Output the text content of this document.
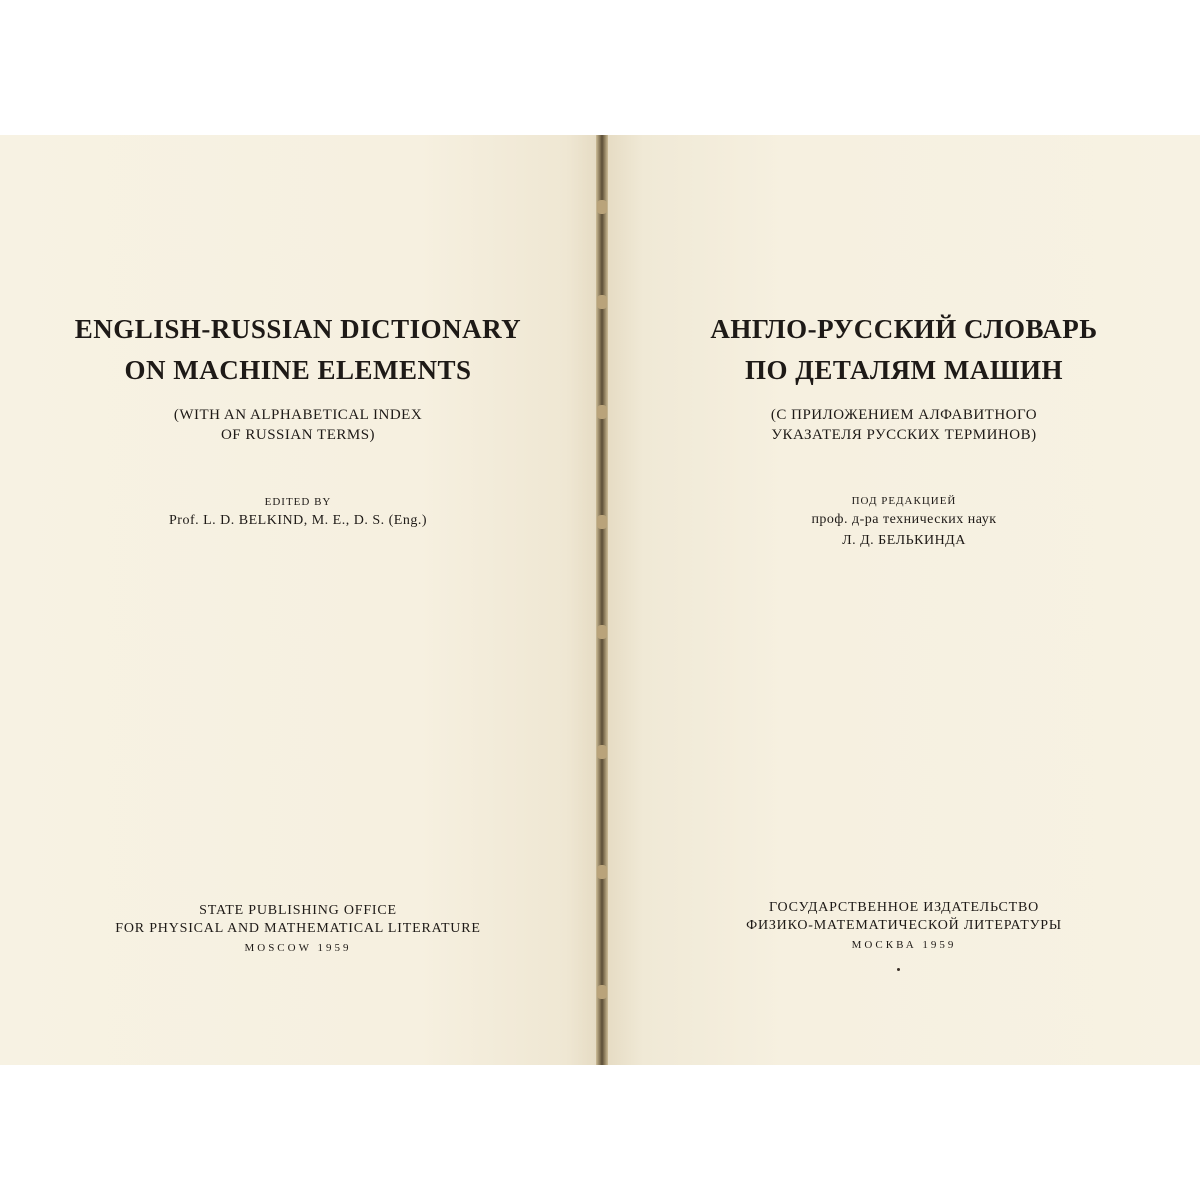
ENGLISH-RUSSIAN DICTIONARY

ON MACHINE ELEMENTS

(WITH AN ALPHABETICAL INDEX

OF RUSSIAN TERMS)

EDITED BY

Prof. L. D. BELKIND, M. E., D. S. (Eng.)

STATE PUBLISHING OFFICE

FOR PHYSICAL AND MATHEMATICAL LITERATURE

MOSCOW 1959

АНГЛО-РУССКИЙ СЛОВАРЬ

ПО ДЕТАЛЯМ МАШИН

(С ПРИЛОЖЕНИЕМ АЛФАВИТНОГО

УКАЗАТЕЛЯ РУССКИХ ТЕРМИНОВ)

ПОД РЕДАКЦИЕЙ

проф. д-ра технических наук

Л. Д. БЕЛЬКИНДА

ГОСУДАРСТВЕННОЕ ИЗДАТЕЛЬСТВО

ФИЗИКО-МАТЕМАТИЧЕСКОЙ ЛИТЕРАТУРЫ

МОСКВА 1959
